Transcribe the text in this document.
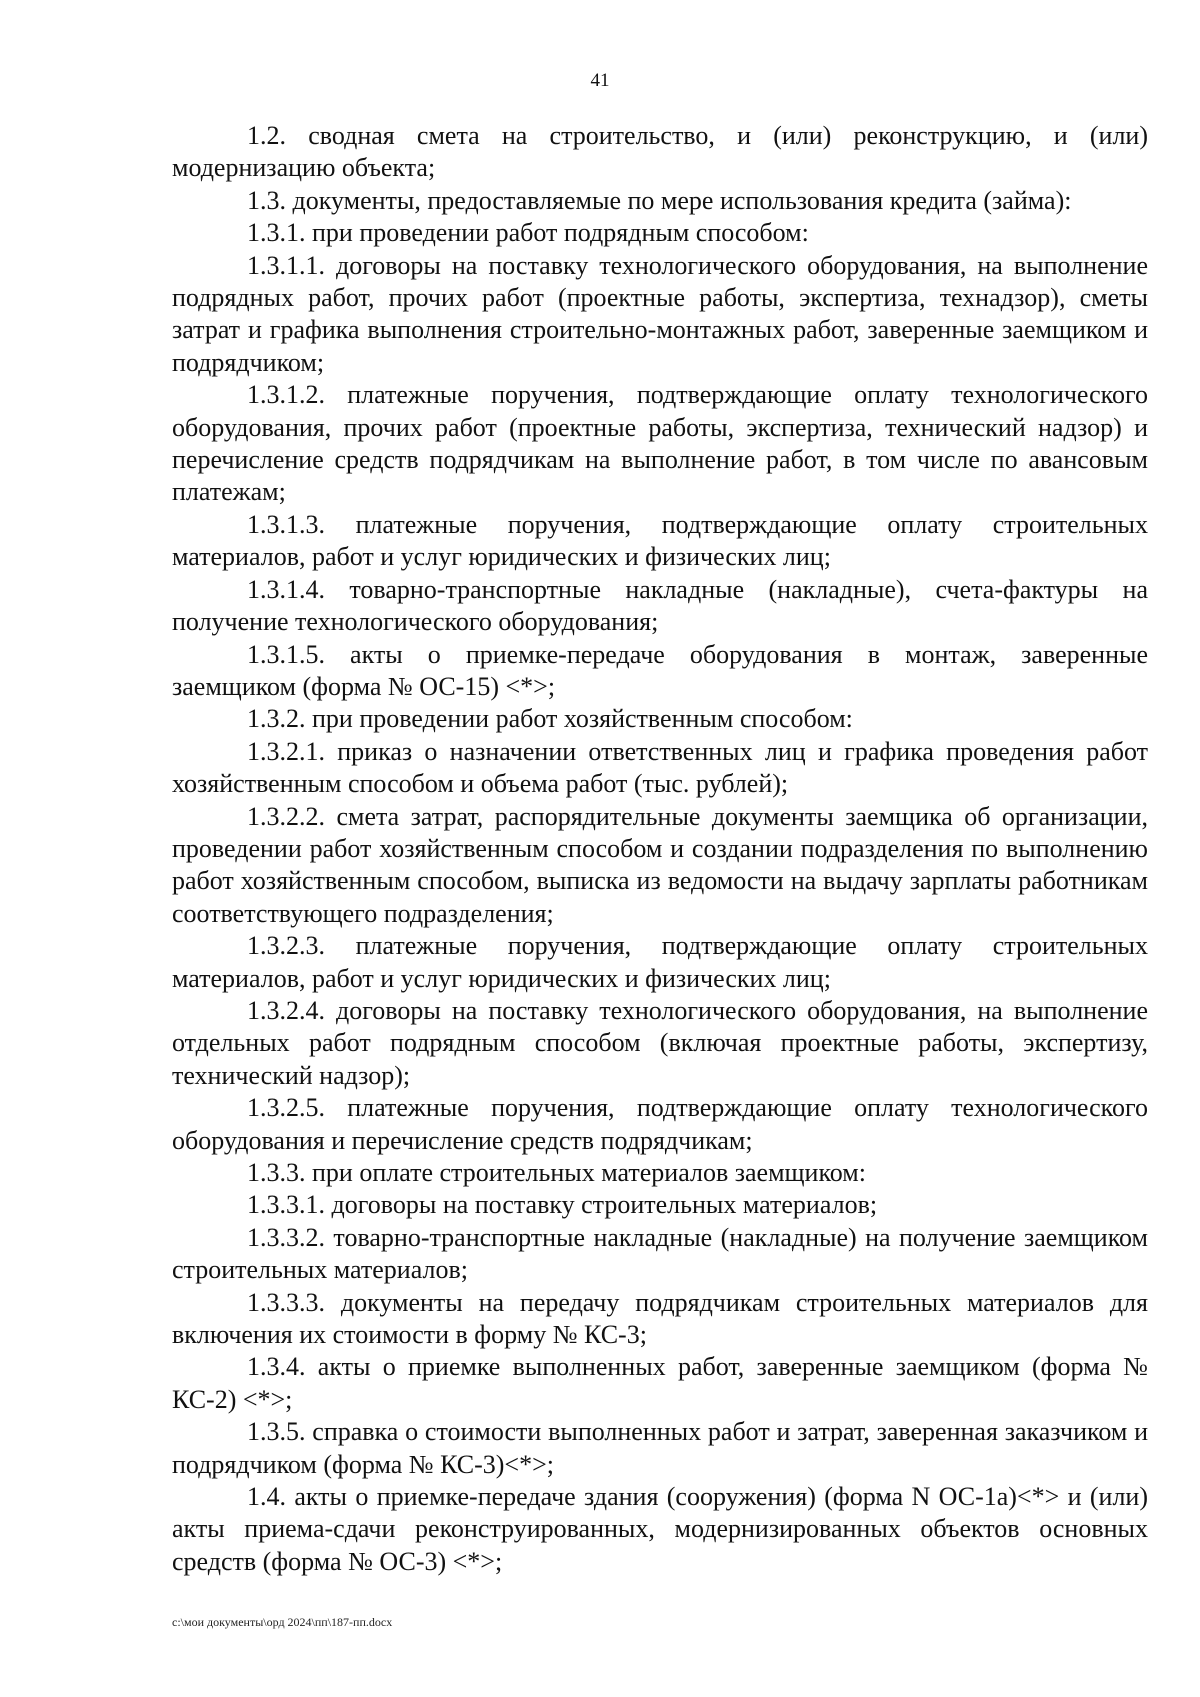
41

1.2. сводная смета на строительство, и (или) реконструкцию, и (или) модернизацию объекта;

1.3. документы, предоставляемые по мере использования кредита (займа):

1.3.1. при проведении работ подрядным способом:

1.3.1.1. договоры на поставку технологического оборудования, на выполнение подрядных работ, прочих работ (проектные работы, экспертиза, технадзор), сметы затрат и графика выполнения строительно-монтажных работ, заверенные заемщиком и подрядчиком;

1.3.1.2. платежные поручения, подтверждающие оплату технологического оборудования, прочих работ (проектные работы, экспертиза, технический надзор) и перечисление средств подрядчикам на выполнение работ, в том числе по авансовым платежам;

1.3.1.3. платежные поручения, подтверждающие оплату строительных материалов, работ и услуг юридических и физических лиц;

1.3.1.4. товарно-транспортные накладные (накладные), счета-фактуры на получение технологического оборудования;

1.3.1.5. акты о приемке-передаче оборудования в монтаж, заверенные заемщиком (форма № ОС-15) <*>;

1.3.2. при проведении работ хозяйственным способом:

1.3.2.1. приказ о назначении ответственных лиц и графика проведения работ хозяйственным способом и объема работ (тыс. рублей);

1.3.2.2. смета затрат, распорядительные документы заемщика об организации, проведении работ хозяйственным способом и создании подразделения по выполнению работ хозяйственным способом, выписка из ведомости на выдачу зарплаты работникам соответствующего подразделения;

1.3.2.3. платежные поручения, подтверждающие оплату строительных материалов, работ и услуг юридических и физических лиц;

1.3.2.4. договоры на поставку технологического оборудования, на выполнение отдельных работ подрядным способом (включая проектные работы, экспертизу, технический надзор);

1.3.2.5. платежные поручения, подтверждающие оплату технологического оборудования и перечисление средств подрядчикам;

1.3.3. при оплате строительных материалов заемщиком:

1.3.3.1. договоры на поставку строительных материалов;

1.3.3.2. товарно-транспортные накладные (накладные) на получение заемщиком строительных материалов;

1.3.3.3. документы на передачу подрядчикам строительных материалов для включения их стоимости в форму № КС-3;

1.3.4. акты о приемке выполненных работ, заверенные заемщиком (форма № КС-2) <*>;

1.3.5. справка о стоимости выполненных работ и затрат, заверенная заказчиком и подрядчиком (форма № КС-3)<*>;

1.4. акты о приемке-передаче здания (сооружения) (форма N ОС-1а)<*> и (или) акты приема-сдачи реконструированных, модернизированных объектов основных средств (форма № ОС-3) <*>;

c:\мои документы\орд 2024\пп\187-пп.docx
